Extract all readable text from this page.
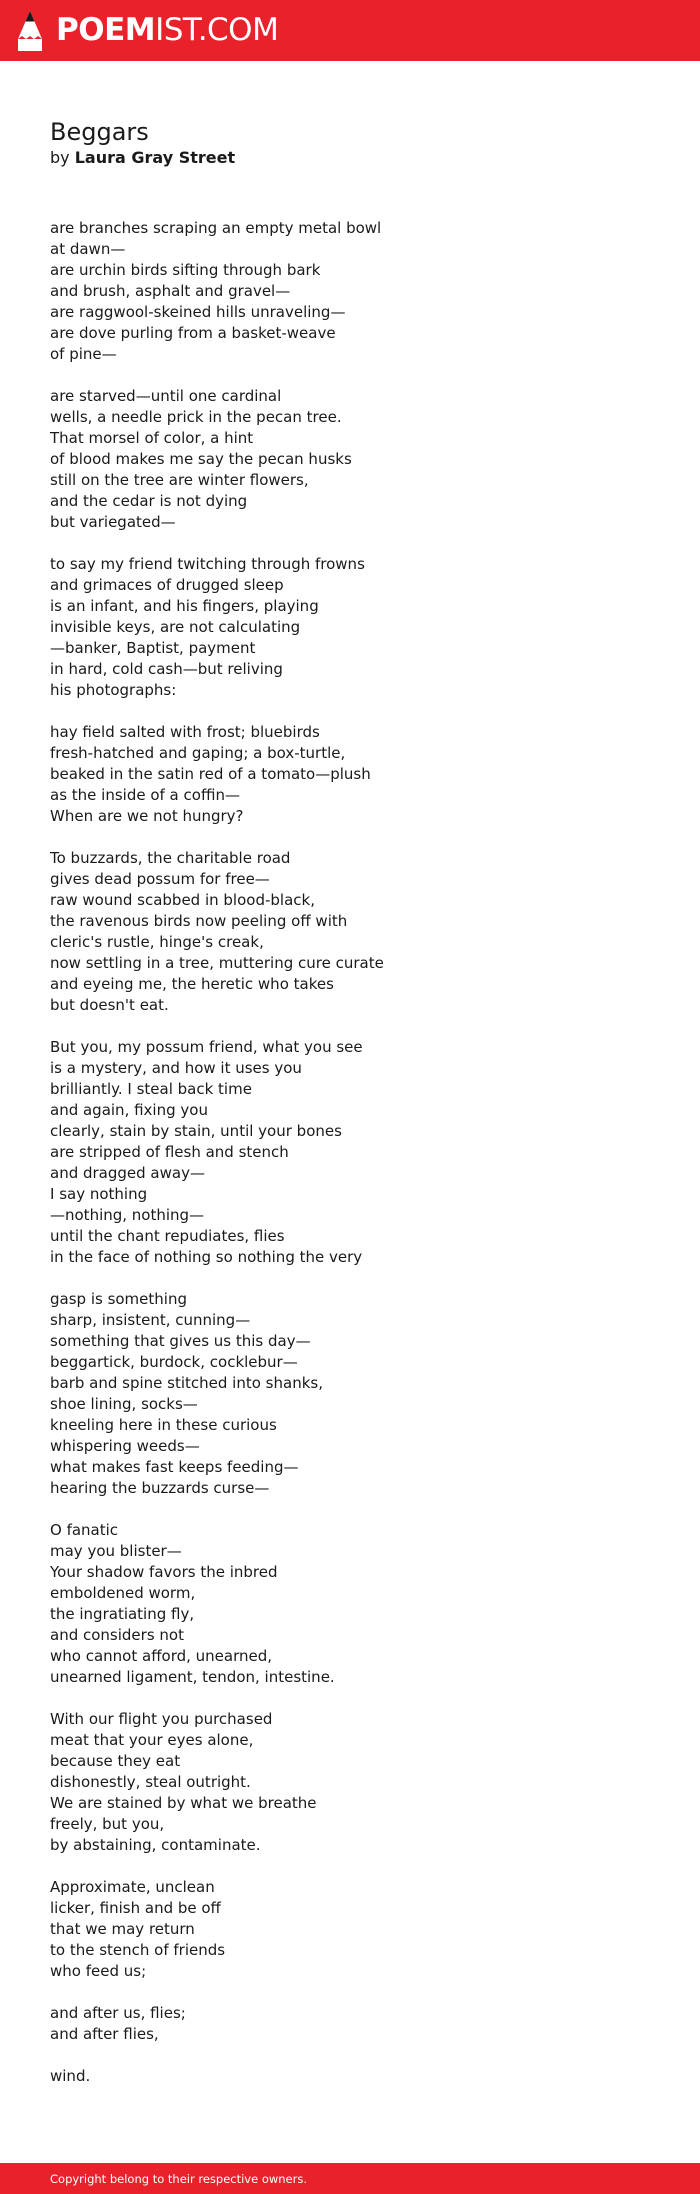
POEMIST.COM
Beggars
by Laura Gray Street
are branches scraping an empty metal bowl
at dawn—
are urchin birds sifting through bark
and brush, asphalt and gravel—
are raggwool-skeined hills unraveling—
are dove purling from a basket-weave
of pine—
are starved—until one cardinal
wells, a needle prick in the pecan tree.
That morsel of color, a hint
of blood makes me say the pecan husks
still on the tree are winter flowers,
and the cedar is not dying
but variegated—
to say my friend twitching through frowns
and grimaces of drugged sleep
is an infant, and his fingers, playing
invisible keys, are not calculating
—banker, Baptist, payment
in hard, cold cash—but reliving
his photographs:
hay field salted with frost; bluebirds
fresh-hatched and gaping; a box-turtle,
beaked in the satin red of a tomato—plush
as the inside of a coffin—
When are we not hungry?
To buzzards, the charitable road
gives dead possum for free—
raw wound scabbed in blood-black,
the ravenous birds now peeling off with
cleric's rustle, hinge's creak,
now settling in a tree, muttering cure curate
and eyeing me, the heretic who takes
but doesn't eat.
But you, my possum friend, what you see
is a mystery, and how it uses you
brilliantly. I steal back time
and again, fixing you
clearly, stain by stain, until your bones
are stripped of flesh and stench
and dragged away—
I say nothing
—nothing, nothing—
until the chant repudiates, flies
in the face of nothing so nothing the very
gasp is something
sharp, insistent, cunning—
something that gives us this day—
beggartick, burdock, cocklebur—
barb and spine stitched into shanks,
shoe lining, socks—
kneeling here in these curious
whispering weeds—
what makes fast keeps feeding—
hearing the buzzards curse—
O fanatic
may you blister—
Your shadow favors the inbred
emboldened worm,
the ingratiating fly,
and considers not
who cannot afford, unearned,
unearned ligament, tendon, intestine.
With our flight you purchased
meat that your eyes alone,
because they eat
dishonestly, steal outright.
We are stained by what we breathe
freely, but you,
by abstaining, contaminate.
Approximate, unclean
licker, finish and be off
that we may return
to the stench of friends
who feed us;
and after us, flies;
and after flies,
wind.
Copyright belong to their respective owners.
